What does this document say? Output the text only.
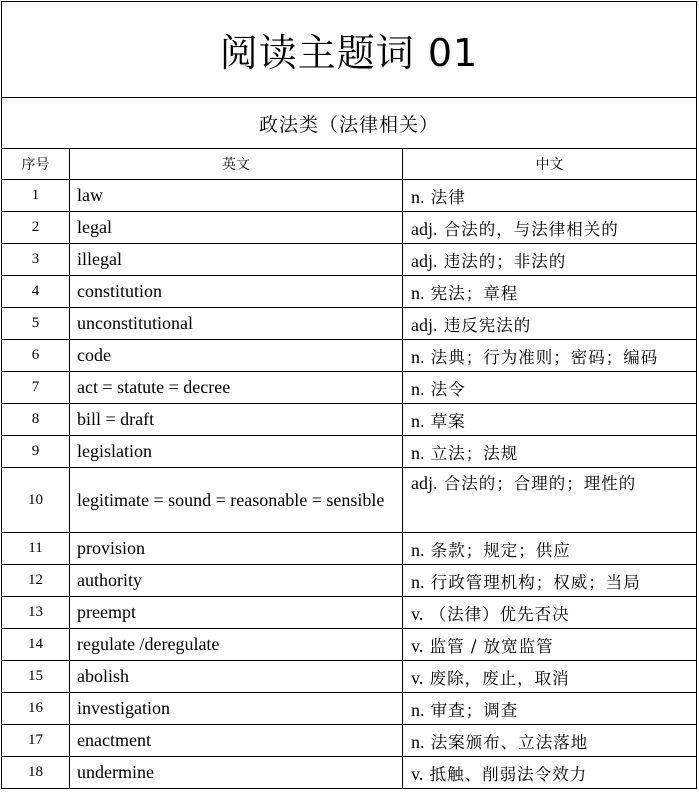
阅读主题词 01		
政法类（法律相关）		
序号	英文	中文
1	law	n. 法律
2	legal	adj. 合法的，与法律相关的
3	illegal	adj. 违法的；非法的
4	constitution	n. 宪法；章程
5	unconstitutional	adj. 违反宪法的
6	code	n. 法典；行为准则；密码；编码
7	act = statute = decree	n. 法令
8	bill = draft	n. 草案
9	legislation	n. 立法；法规
10	legitimate = sound = reasonable = sensible	adj. 合法的；合理的；理性的
11	provision	n. 条款；规定；供应
12	authority	n. 行政管理机构；权威；当局
13	preempt	v. （法律）优先否决
14	regulate /deregulate	v. 监管 / 放宽监管
15	abolish	v. 废除，废止，取消
16	investigation	n. 审查；调查
17	enactment	n. 法案颁布、立法落地
18	undermine	v. 抵触、削弱法令效力
